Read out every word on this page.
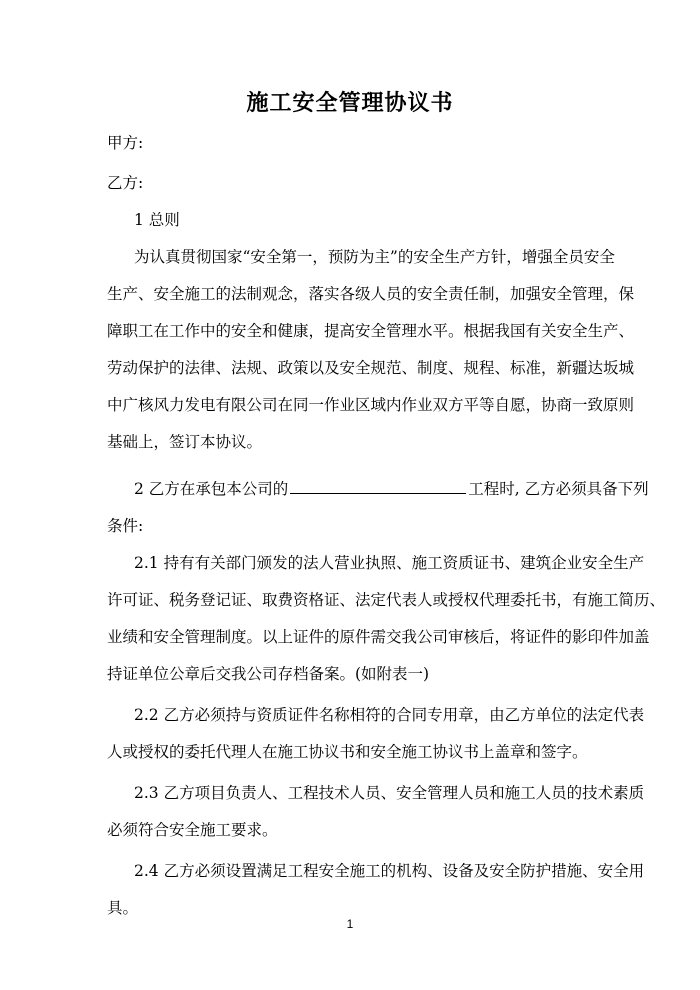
施工安全管理协议书

甲方:

乙方:

1 总则

为认真贯彻国家“安全第一，预防为主”的安全生产方针，增强全员安全

生产、安全施工的法制观念，落实各级人员的安全责任制，加强安全管理，保

障职工在工作中的安全和健康，提高安全管理水平。根据我国有关安全生产、

劳动保护的法律、法规、政策以及安全规范、制度、规程、标准，新疆达坂城

中广核风力发电有限公司在同一作业区域内作业双方平等自愿，协商一致原则

基础上，签订本协议。

2 乙方在承包本公司的	工程时, 乙方必须具备下列

条件:

2.1 持有有关部门颁发的法人营业执照、施工资质证书、建筑企业安全生产

许可证、税务登记证、取费资格证、法定代表人或授权代理委托书，有施工简历、

业绩和安全管理制度。以上证件的原件需交我公司审核后，将证件的影印件加盖

持证单位公章后交我公司存档备案。(如附表一)

2.2 乙方必须持与资质证件名称相符的合同专用章，由乙方单位的法定代表

人或授权的委托代理人在施工协议书和安全施工协议书上盖章和签字。

2.3 乙方项目负责人、工程技术人员、安全管理人员和施工人员的技术素质

必须符合安全施工要求。

2.4 乙方必须设置满足工程安全施工的机构、设备及安全防护措施、安全用

具。

1
